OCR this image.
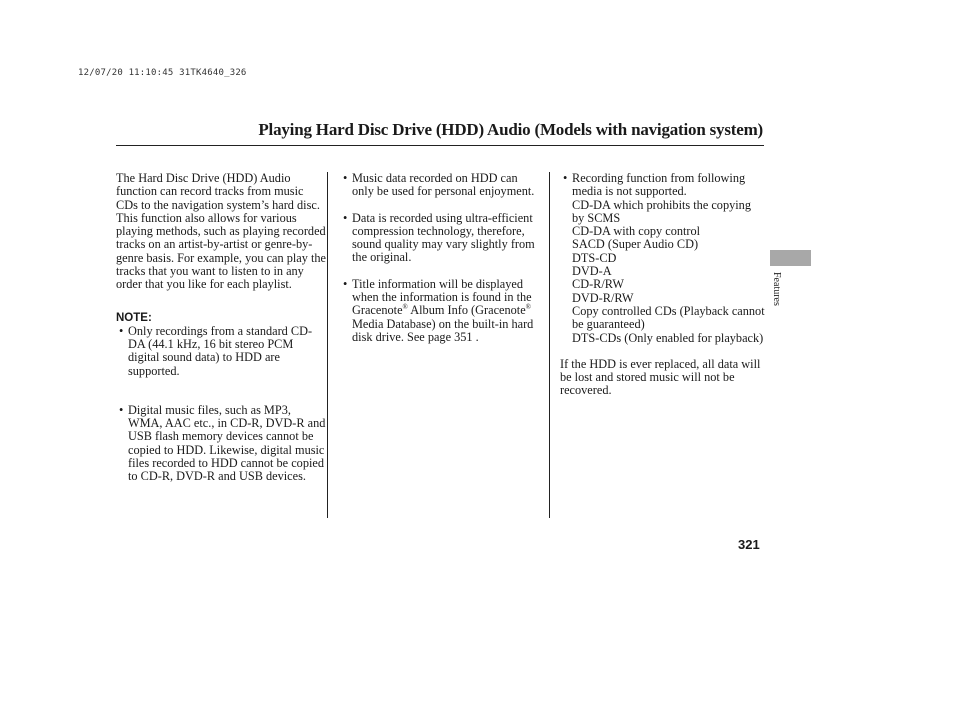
12/07/20 11:10:45 31TK4640_326
Playing Hard Disc Drive (HDD) Audio (Models with navigation system)

The Hard Disc Drive (HDD) Audio function can record tracks from music CDs to the navigation system’s hard disc. This function also allows for various playing methods, such as playing recorded tracks on an artist-by-artist or genre-by-genre basis. For example, you can play the tracks that you want to listen to in any order that you like for each playlist.

NOTE:
• Only recordings from a standard CD-DA (44.1 kHz, 16 bit stereo PCM digital sound data) to HDD are supported.
• Digital music files, such as MP3, WMA, AAC etc., in CD-R, DVD-R and USB flash memory devices cannot be copied to HDD. Likewise, digital music files recorded to HDD cannot be copied to CD-R, DVD-R and USB devices.
• Music data recorded on HDD can only be used for personal enjoyment.
• Data is recorded using ultra-efficient compression technology, therefore, sound quality may vary slightly from the original.
• Title information will be displayed when the information is found in the Gracenote® Album Info (Gracenote® Media Database) on the built-in hard disk drive. See page 351 .
• Recording function from following media is not supported.
CD-DA which prohibits the copying by SCMS
CD-DA with copy control
SACD (Super Audio CD)
DTS-CD
DVD-A
CD-R/RW
DVD-R/RW
Copy controlled CDs (Playback cannot be guaranteed)
DTS-CDs (Only enabled for playback)

If the HDD is ever replaced, all data will be lost and stored music will not be recovered.

Features
321
